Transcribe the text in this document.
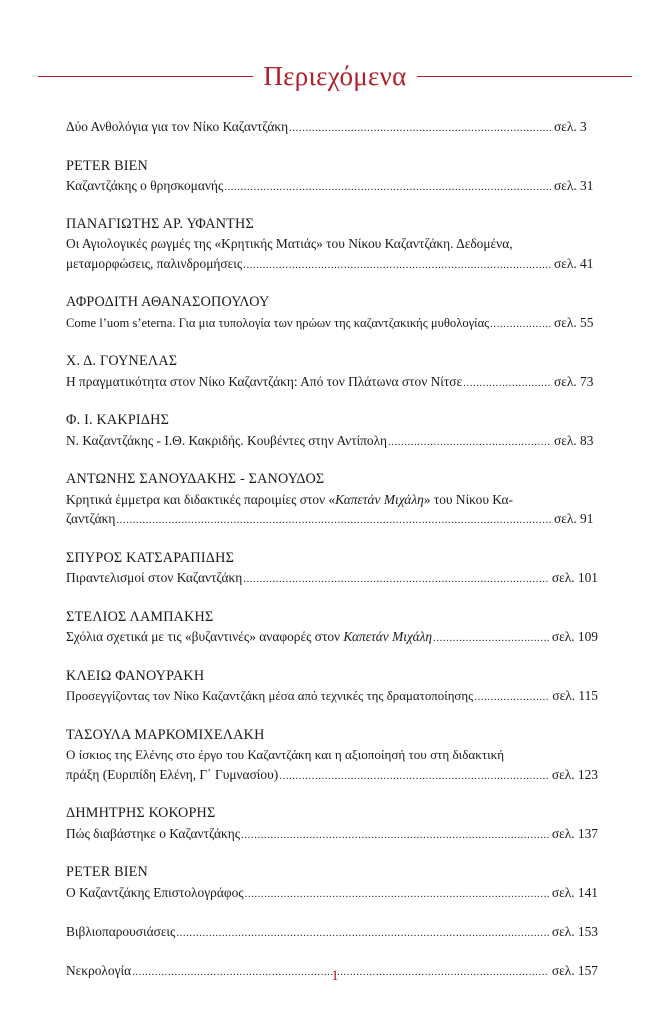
Περιεχόμενα
Δύο Ανθολόγια για τον Νίκο Καζαντζάκη .....	σελ. 3
PETER BIEN
Καζαντζάκης ο θρησκομανής .....	σελ. 31
ΠΑΝΑΓΙΩΤΗΣ ΑΡ. ΥΦΑΝΤΗΣ
Οι Αγιολογικές ρωγμές της «Κρητικής Ματιάς» του Νίκου Καζαντζάκη. Δεδομένα,
μεταμορφώσεις, παλινδρομήσεις .....	σελ. 41
ΑΦΡΟΔΙΤΗ ΑΘΑΝΑΣΟΠΟΥΛΟΥ
Come l’uom s’eterna. Για μια τυπολογία των ηρώων της καζαντζακικής μυθολογίας .....	σελ. 55
Χ. Δ. ΓΟΥΝΕΛΑΣ
Η πραγματικότητα στον Νίκο Καζαντζάκη: Από τον Πλάτωνα στον Νίτσε .....	σελ. 73
Φ. Ι. ΚΑΚΡΙΔΗΣ
Ν. Καζαντζάκης - Ι.Θ. Κακριδής. Κουβέντες στην Αντίπολη .....	σελ. 83
ΑΝΤΩΝΗΣ ΣΑΝΟΥΔΑΚΗΣ - ΣΑΝΟΥΔΟΣ
Κρητικά έμμετρα και διδακτικές παροιμίες στον «Καπετάν Μιχάλη» του Νίκου Κα-
ζαντζάκη .....	σελ. 91
ΣΠΥΡΟΣ ΚΑΤΣΑΡΑΠΙΔΗΣ
Πιραντελισμοί στον Καζαντζάκη .....	σελ. 101
ΣΤΕΛΙΟΣ ΛΑΜΠΑΚΗΣ
Σχόλια σχετικά με τις «βυζαντινές» αναφορές στον Καπετάν Μιχάλη .....	σελ. 109
ΚΛΕΙΩ ΦΑΝΟΥΡΑΚΗ
Προσεγγίζοντας τον Νίκο Καζαντζάκη μέσα από τεχνικές της δραματοποίησης .....	σελ. 115
ΤΑΣΟΥΛΑ ΜΑΡΚΟΜΙΧΕΛΑΚΗ
Ο ίσκιος της Ελένης στο έργο του Καζαντζάκη και η αξιοποίησή του στη διδακτική
πράξη (Ευριπίδη Ελένη, Γ΄ Γυμνασίου) .....	σελ. 123
ΔΗΜΗΤΡΗΣ ΚΟΚΟΡΗΣ
Πώς διαβάστηκε ο Καζαντζάκης .....	σελ. 137
PETER BIEN
Ο Καζαντζάκης Επιστολογράφος .....	σελ. 141
Βιβλιοπαρουσιάσεις .....	σελ. 153
Νεκρολογία .....	σελ. 157
1
